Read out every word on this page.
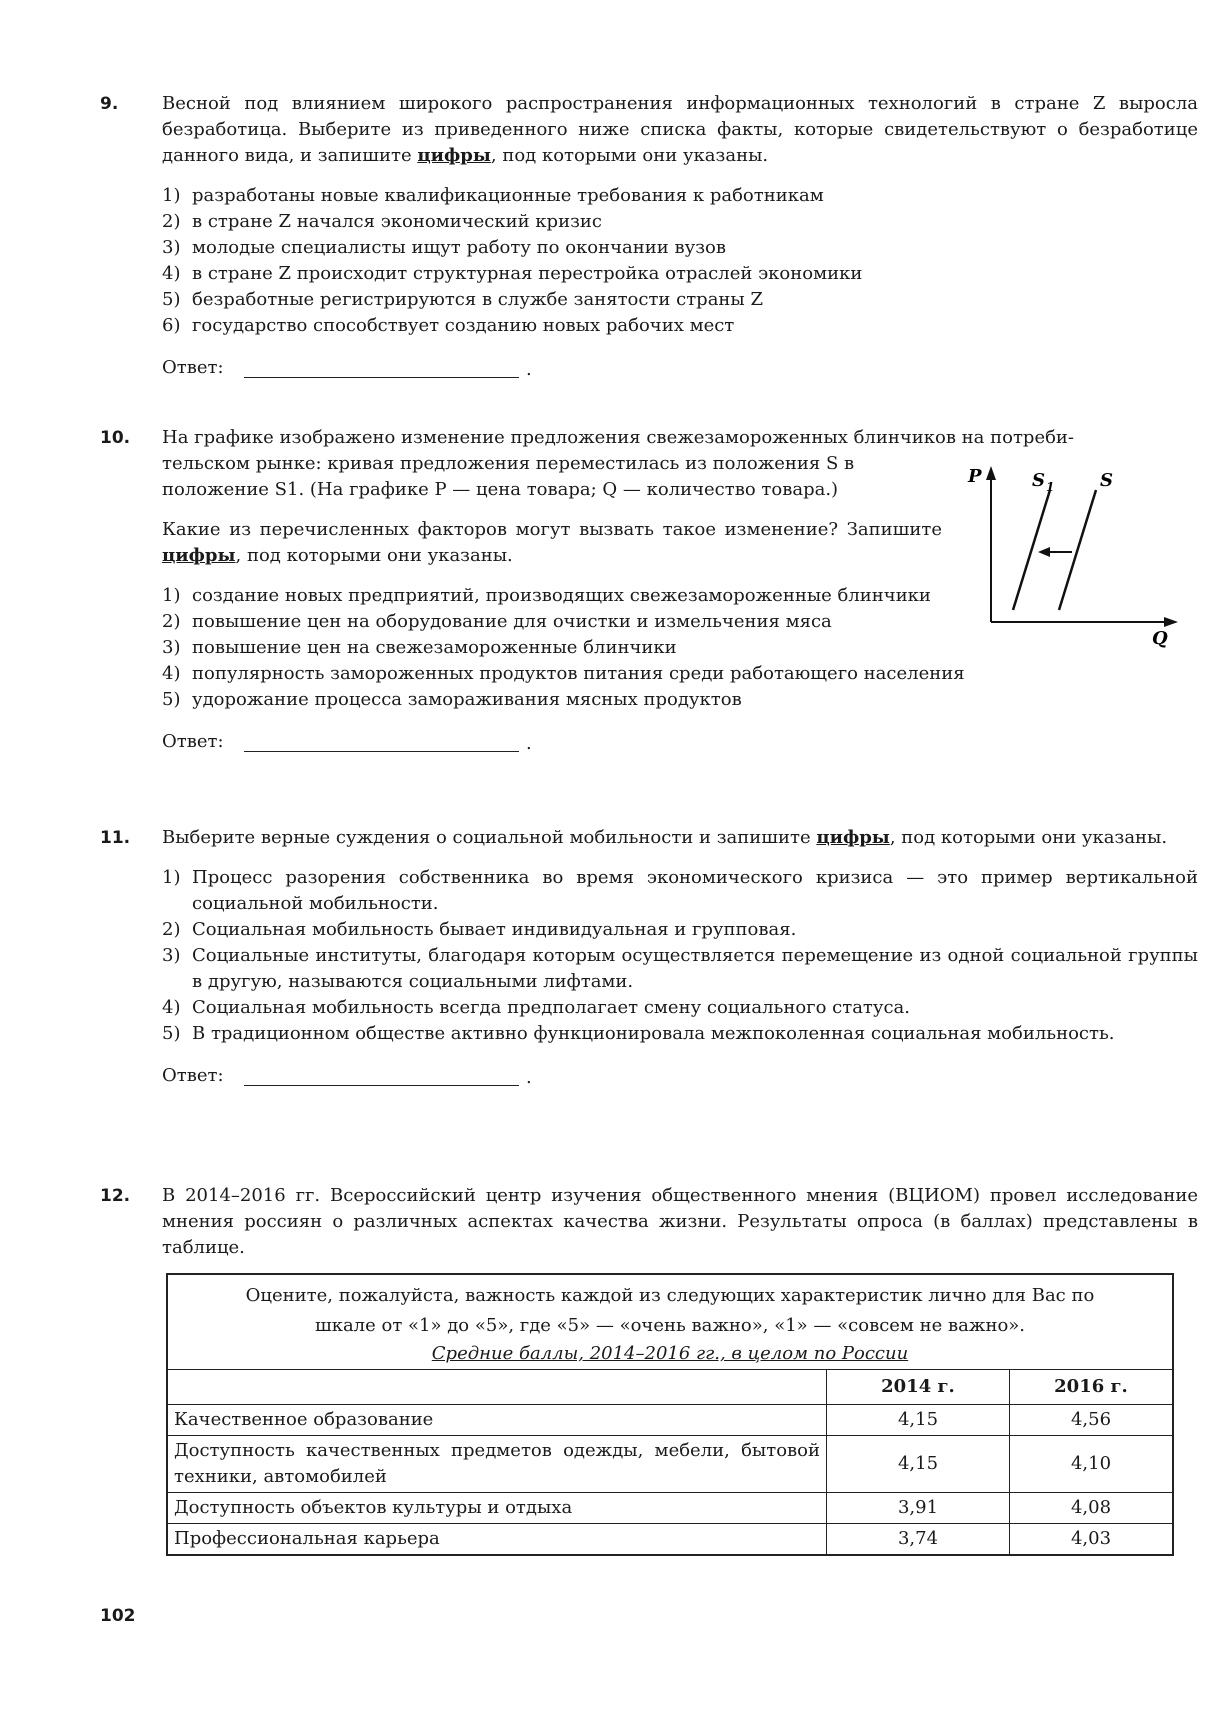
9. Весной под влиянием широкого распространения информационных технологий в стране Z выросла безработица. Выберите из приведенного ниже списка факты, которые свидетельствуют о безработице данного вида, и запишите цифры, под которыми они указаны.

1) разработаны новые квалификационные требования к работникам
2) в стране Z начался экономический кризис
3) молодые специалисты ищут работу по окончании вузов
4) в стране Z происходит структурная перестройка отраслей экономики
5) безработные регистрируются в службе занятости страны Z
6) государство способствует созданию новых рабочих мест
Ответ:	.
10. На графике изображено изменение предложения свежезамороженных блинчиков на потреби-

тельском рынке: кривая предложения переместилась из положения S в

положение S1. (На графике P — цена товара; Q — количество товара.)

Какие из перечисленных факторов могут вызвать такое изменение? Запишите цифры, под которыми они указаны.

1) создание новых предприятий, производящих свежезамороженные блинчики
2) повышение цен на оборудование для очистки и измельчения мяса
3) повышение цен на свежезамороженные блинчики
4) популярность замороженных продуктов питания среди работающего населения
5) удорожание процесса замораживания мясных продуктов
Ответ:	.
P	S 1	S
Q
11. Выберите верные суждения о социальной мобильности и запишите цифры, под которыми они указаны.

1) Процесс разорения собственника во время экономического кризиса — это пример вертикальной социальной мобильности.
2) Социальная мобильность бывает индивидуальная и групповая.
3) Социальные институты, благодаря которым осуществляется перемещение из одной социальной группы в другую, называются социальными лифтами.
4) Социальная мобильность всегда предполагает смену социального статуса.
5) В традиционном обществе активно функционировала межпоколенная социальная мобильность.
Ответ:	.
12. В 2014–2016 гг. Всероссийский центр изучения общественного мнения (ВЦИОМ) провел исследование мнения россиян о различных аспектах качества жизни. Результаты опроса (в баллах) представлены в таблице.

Оцените, пожалуйста, важность каждой из следующих характеристик лично для Вас по
шкале от «1» до «5», где «5» — «очень важно», «1» — «совсем не важно».
Средние баллы, 2014–2016 гг., в целом по России		

	2014 г.	2016 г.
Качественное образование	4,15	4,56
Доступность качественных предметов одежды, мебели, бытовой техники, автомобилей	4,15	4,10
Доступность объектов культуры и отдыха	3,91	4,08
Профессиональная карьера	3,74	4,03
102
